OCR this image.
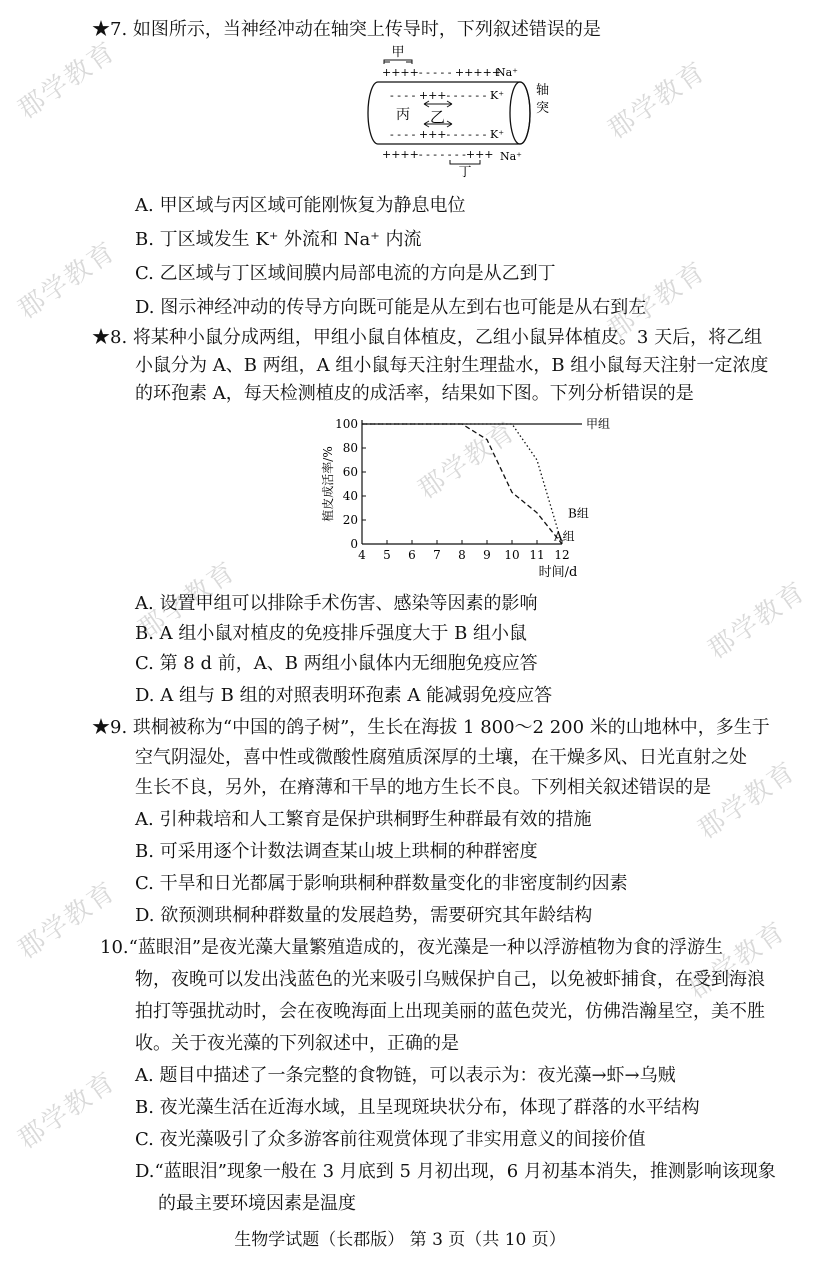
郡学教育	郡学教育
郡学教育	郡学教育
郡学教育
郡学教育	郡学教育
郡学教育
郡学教育	郡学教育
郡学教育
★7. 如图所示，当神经冲动在轴突上传导时，下列叙述错误的是
甲
++++- - - - - +++++
Na⁺
轴
突
- - - - +++- - - - - - K⁺
丙 乙
- - - - +++- - - - - - K⁺
++++- - - - - - -+++ Na⁺
丁
A. 甲区域与丙区域可能刚恢复为静息电位
B. 丁区域发生 K⁺ 外流和 Na⁺ 内流
C. 乙区域与丁区域间膜内局部电流的方向是从乙到丁
D. 图示神经冲动的传导方向既可能是从左到右也可能是从右到左
★8. 将某种小鼠分成两组，甲组小鼠自体植皮，乙组小鼠异体植皮。3 天后，将乙组
小鼠分为 A、B 两组，A 组小鼠每天注射生理盐水，B 组小鼠每天注射一定浓度
的环孢素 A，每天检测植皮的成活率，结果如下图。下列分析错误的是
0
20
40
60
80
100
4 5 6 7 8 9 10 11 12
植皮成活率/%
时间/d
甲组
B组
A组
A. 设置甲组可以排除手术伤害、感染等因素的影响
B. A 组小鼠对植皮的免疫排斥强度大于 B 组小鼠
C. 第 8 d 前，A、B 两组小鼠体内无细胞免疫应答
D. A 组与 B 组的对照表明环孢素 A 能减弱免疫应答
★9. 珙桐被称为“中国的鸽子树”，生长在海拔 1 800～2 200 米的山地林中，多生于
空气阴湿处，喜中性或微酸性腐殖质深厚的土壤，在干燥多风、日光直射之处
生长不良，另外，在瘠薄和干旱的地方生长不良。下列相关叙述错误的是
A. 引种栽培和人工繁育是保护珙桐野生种群最有效的措施
B. 可采用逐个计数法调查某山坡上珙桐的种群密度
C. 干旱和日光都属于影响珙桐种群数量变化的非密度制约因素
D. 欲预测珙桐种群数量的发展趋势，需要研究其年龄结构
10.“蓝眼泪”是夜光藻大量繁殖造成的，夜光藻是一种以浮游植物为食的浮游生
物，夜晚可以发出浅蓝色的光来吸引乌贼保护自己，以免被虾捕食，在受到海浪
拍打等强扰动时，会在夜晚海面上出现美丽的蓝色荧光，仿佛浩瀚星空，美不胜
收。关于夜光藻的下列叙述中，正确的是
A. 题目中描述了一条完整的食物链，可以表示为：夜光藻→虾→乌贼
B. 夜光藻生活在近海水域，且呈现斑块状分布，体现了群落的水平结构
C. 夜光藻吸引了众多游客前往观赏体现了非实用意义的间接价值
D.“蓝眼泪”现象一般在 3 月底到 5 月初出现，6 月初基本消失，推测影响该现象
的最主要环境因素是温度
生物学试题（长郡版） 第 3 页（共 10 页）
